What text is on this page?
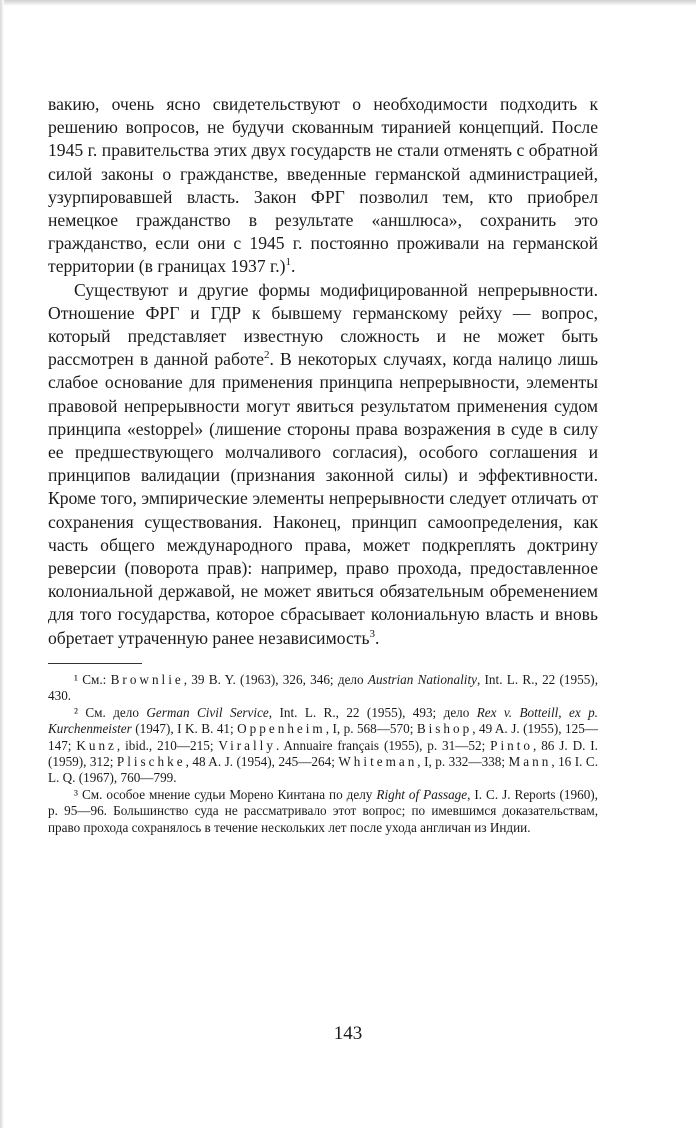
вакию, очень ясно свидетельствуют о необходимости подходить к решению вопросов, не будучи скованным тиранией концепций. После 1945 г. правительства этих двух государств не стали отменять с обратной силой законы о гражданстве, введенные германской администрацией, узурпировавшей власть. Закон ФРГ позволил тем, кто приобрел немецкое гражданство в результате «аншлюса», сохранить это гражданство, если они с 1945 г. постоянно проживали на германской территории (в границах 1937 г.)$^1$.

Существуют и другие формы модифицированной непрерывности. Отношение ФРГ и ГДР к бывшему германскому рейху — вопрос, который представляет известную сложность и не может быть рассмотрен в данной работе$^2$. В некоторых случаях, когда налицо лишь слабое основание для применения принципа непрерывности, элементы правовой непрерывности могут явиться результатом применения судом принципа «estoppel» (лишение стороны права возражения в суде в силу ее предшествующего молчаливого согласия), особого соглашения и принципов валидации (признания законной силы) и эффективности. Кроме того, эмпирические элементы непрерывности следует отличать от сохранения существования. Наконец, принцип самоопределения, как часть общего международного права, может подкреплять доктрину реверсии (поворота прав): например, право прохода, предоставленное колониальной державой, не может явиться обязательным обременением для того государства, которое сбрасывает колониальную власть и вновь обретает утраченную ранее независимость$^3$.

¹ См.: Brownlie, 39 B. Y. (1963), 326, 346; дело Austrian Nationality, Int. L. R., 22 (1955), 430.

² См. дело German Civil Service, Int. L. R., 22 (1955), 493; дело Rex v. Botteill, ex p. Kurchenmeister (1947), I K. B. 41; Oppenheim, I, p. 568—570; Bishop, 49 A. J. (1955), 125—147; Kunz, ibid., 210—215; Virally. Annuaire français (1955), p. 31—52; Pinto, 86 J. D. I. (1959), 312; Plischke, 48 A. J. (1954), 245—264; Whiteman, I, p. 332—338; Mann, 16 I. C. L. Q. (1967), 760—799.

³ См. особое мнение судьи Морено Кинтана по делу Right of Passage, I. C. J. Reports (1960), p. 95—96. Большинство суда не рассматривало этот вопрос; по имевшимся доказательствам, право прохода сохранялось в течение нескольких лет после ухода англичан из Индии.

143
